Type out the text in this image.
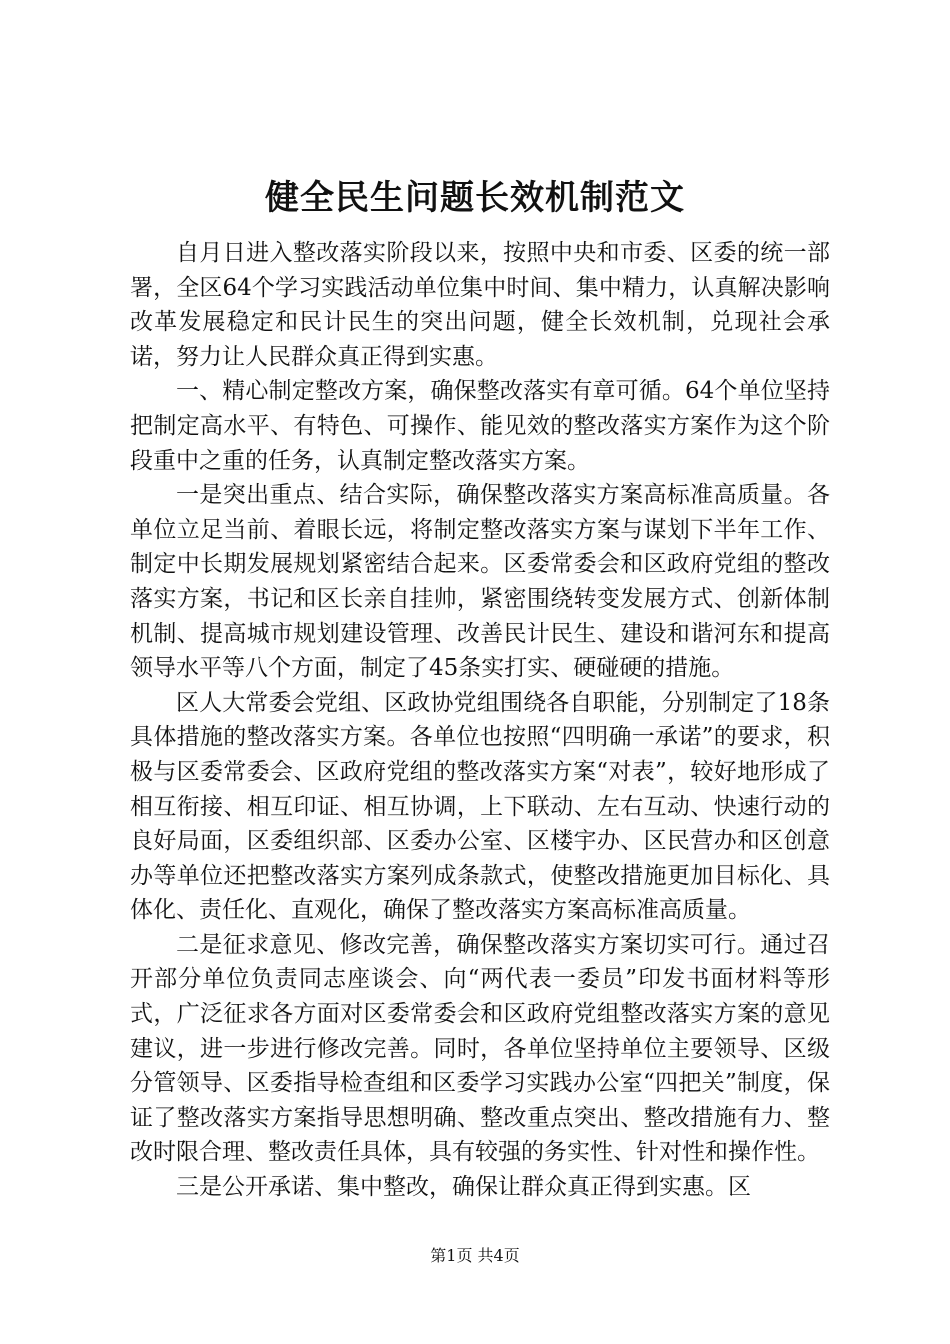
健全民生问题长效机制范文

自月日进入整改落实阶段以来，按照中央和市委、区委的统一部署，全区64个学习实践活动单位集中时间、集中精力，认真解决影响改革发展稳定和民计民生的突出问题，健全长效机制，兑现社会承诺，努力让人民群众真正得到实惠。

一、精心制定整改方案，确保整改落实有章可循。64个单位坚持把制定高水平、有特色、可操作、能见效的整改落实方案作为这个阶段重中之重的任务，认真制定整改落实方案。

一是突出重点、结合实际，确保整改落实方案高标准高质量。各单位立足当前、着眼长远，将制定整改落实方案与谋划下半年工作、制定中长期发展规划紧密结合起来。区委常委会和区政府党组的整改落实方案，书记和区长亲自挂帅，紧密围绕转变发展方式、创新体制机制、提高城市规划建设管理、改善民计民生、建设和谐河东和提高领导水平等八个方面，制定了45条实打实、硬碰硬的措施。

区人大常委会党组、区政协党组围绕各自职能，分别制定了18条具体措施的整改落实方案。各单位也按照“四明确一承诺”的要求，积极与区委常委会、区政府党组的整改落实方案“对表”，较好地形成了相互衔接、相互印证、相互协调，上下联动、左右互动、快速行动的良好局面，区委组织部、区委办公室、区楼宇办、区民营办和区创意办等单位还把整改落实方案列成条款式，使整改措施更加目标化、具体化、责任化、直观化，确保了整改落实方案高标准高质量。

二是征求意见、修改完善，确保整改落实方案切实可行。通过召开部分单位负责同志座谈会、向“两代表一委员”印发书面材料等形式，广泛征求各方面对区委常委会和区政府党组整改落实方案的意见建议，进一步进行修改完善。同时，各单位坚持单位主要领导、区级分管领导、区委指导检查组和区委学习实践办公室“四把关”制度，保证了整改落实方案指导思想明确、整改重点突出、整改措施有力、整改时限合理、整改责任具体，具有较强的务实性、针对性和操作性。

三是公开承诺、集中整改，确保让群众真正得到实惠。区

第1页 共4页
